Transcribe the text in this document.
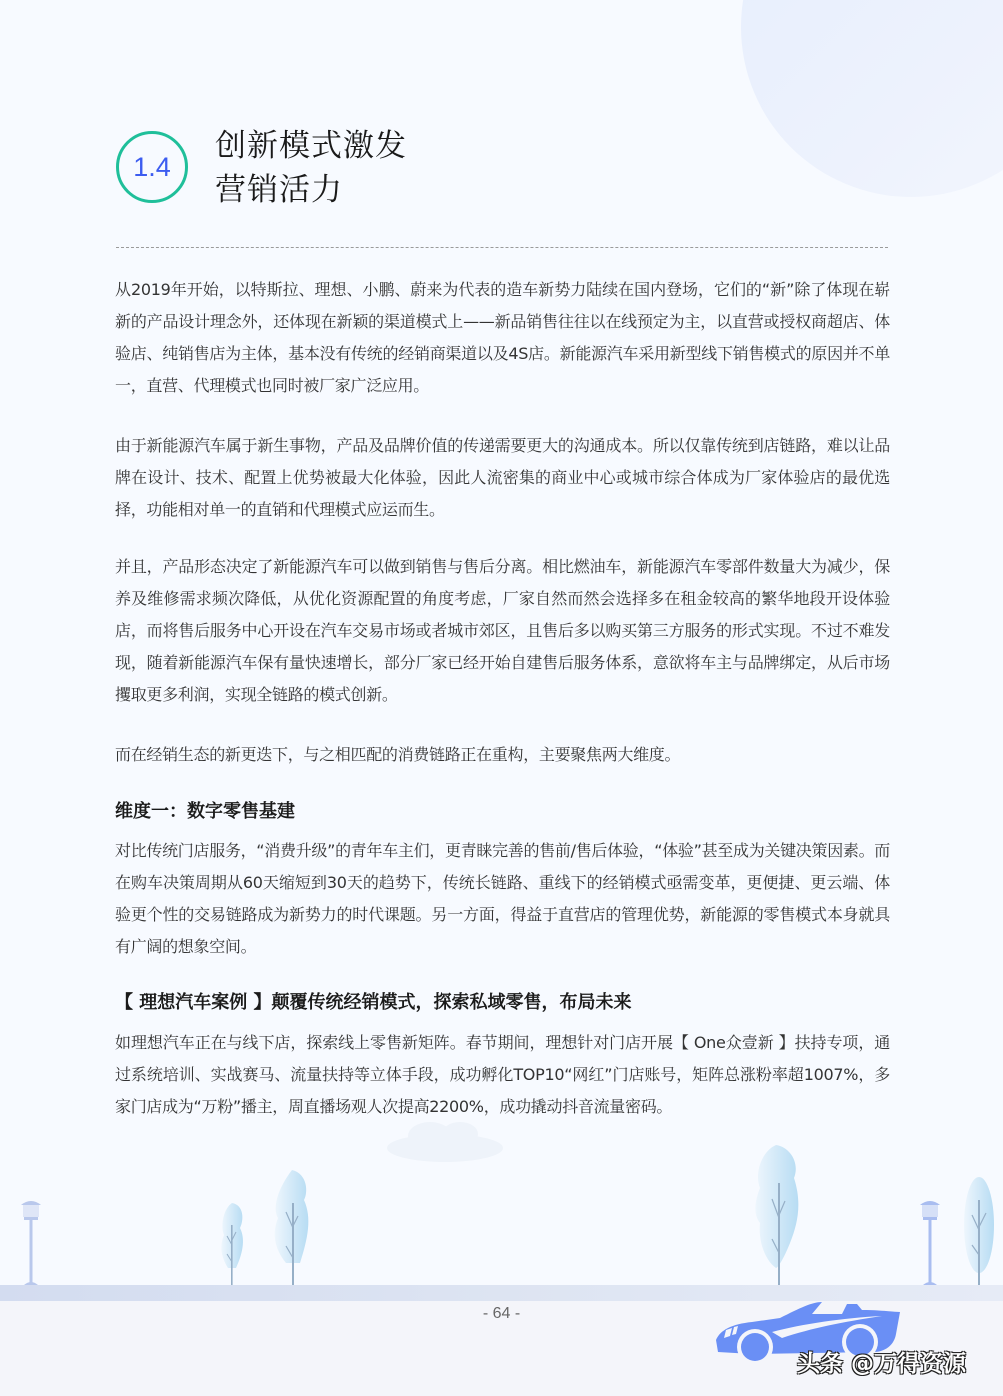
1.4
创新模式激发
营销活力

从2019年开始，以特斯拉、理想、小鹏、蔚来为代表的造车新势力陆续在国内登场，它们的“新”除了体现在崭新的产品设计理念外，还体现在新颖的渠道模式上——新品销售往往以在线预定为主，以直营或授权商超店、体验店、纯销售店为主体，基本没有传统的经销商渠道以及4S店。新能源汽车采用新型线下销售模式的原因并不单一，直营、代理模式也同时被厂家广泛应用。

由于新能源汽车属于新生事物，产品及品牌价值的传递需要更大的沟通成本。所以仅靠传统到店链路，难以让品牌在设计、技术、配置上优势被最大化体验，因此人流密集的商业中心或城市综合体成为厂家体验店的最优选择，功能相对单一的直销和代理模式应运而生。

并且，产品形态决定了新能源汽车可以做到销售与售后分离。相比燃油车，新能源汽车零部件数量大为减少，保养及维修需求频次降低，从优化资源配置的角度考虑，厂家自然而然会选择多在租金较高的繁华地段开设体验店，而将售后服务中心开设在汽车交易市场或者城市郊区，且售后多以购买第三方服务的形式实现。不过不难发现，随着新能源汽车保有量快速增长，部分厂家已经开始自建售后服务体系，意欲将车主与品牌绑定，从后市场攫取更多利润，实现全链路的模式创新。

而在经销生态的新更迭下，与之相匹配的消费链路正在重构，主要聚焦两大维度。

维度一：数字零售基建

对比传统门店服务，“消费升级”的青年车主们，更青睐完善的售前/售后体验，“体验”甚至成为关键决策因素。而在购车决策周期从60天缩短到30天的趋势下，传统长链路、重线下的经销模式亟需变革，更便捷、更云端、体验更个性的交易链路成为新势力的时代课题。另一方面，得益于直营店的管理优势，新能源的零售模式本身就具有广阔的想象空间。

【 理想汽车案例 】颠覆传统经销模式，探索私域零售，布局未来

如理想汽车正在与线下店，探索线上零售新矩阵。春节期间，理想针对门店开展【 One众壹新 】扶持专项，通过系统培训、实战赛马、流量扶持等立体手段，成功孵化TOP10“网红”门店账号，矩阵总涨粉率超1007%，多家门店成为“万粉”播主，周直播场观人次提高2200%，成功撬动抖音流量密码。

- 64 -
头条 @万得资源
